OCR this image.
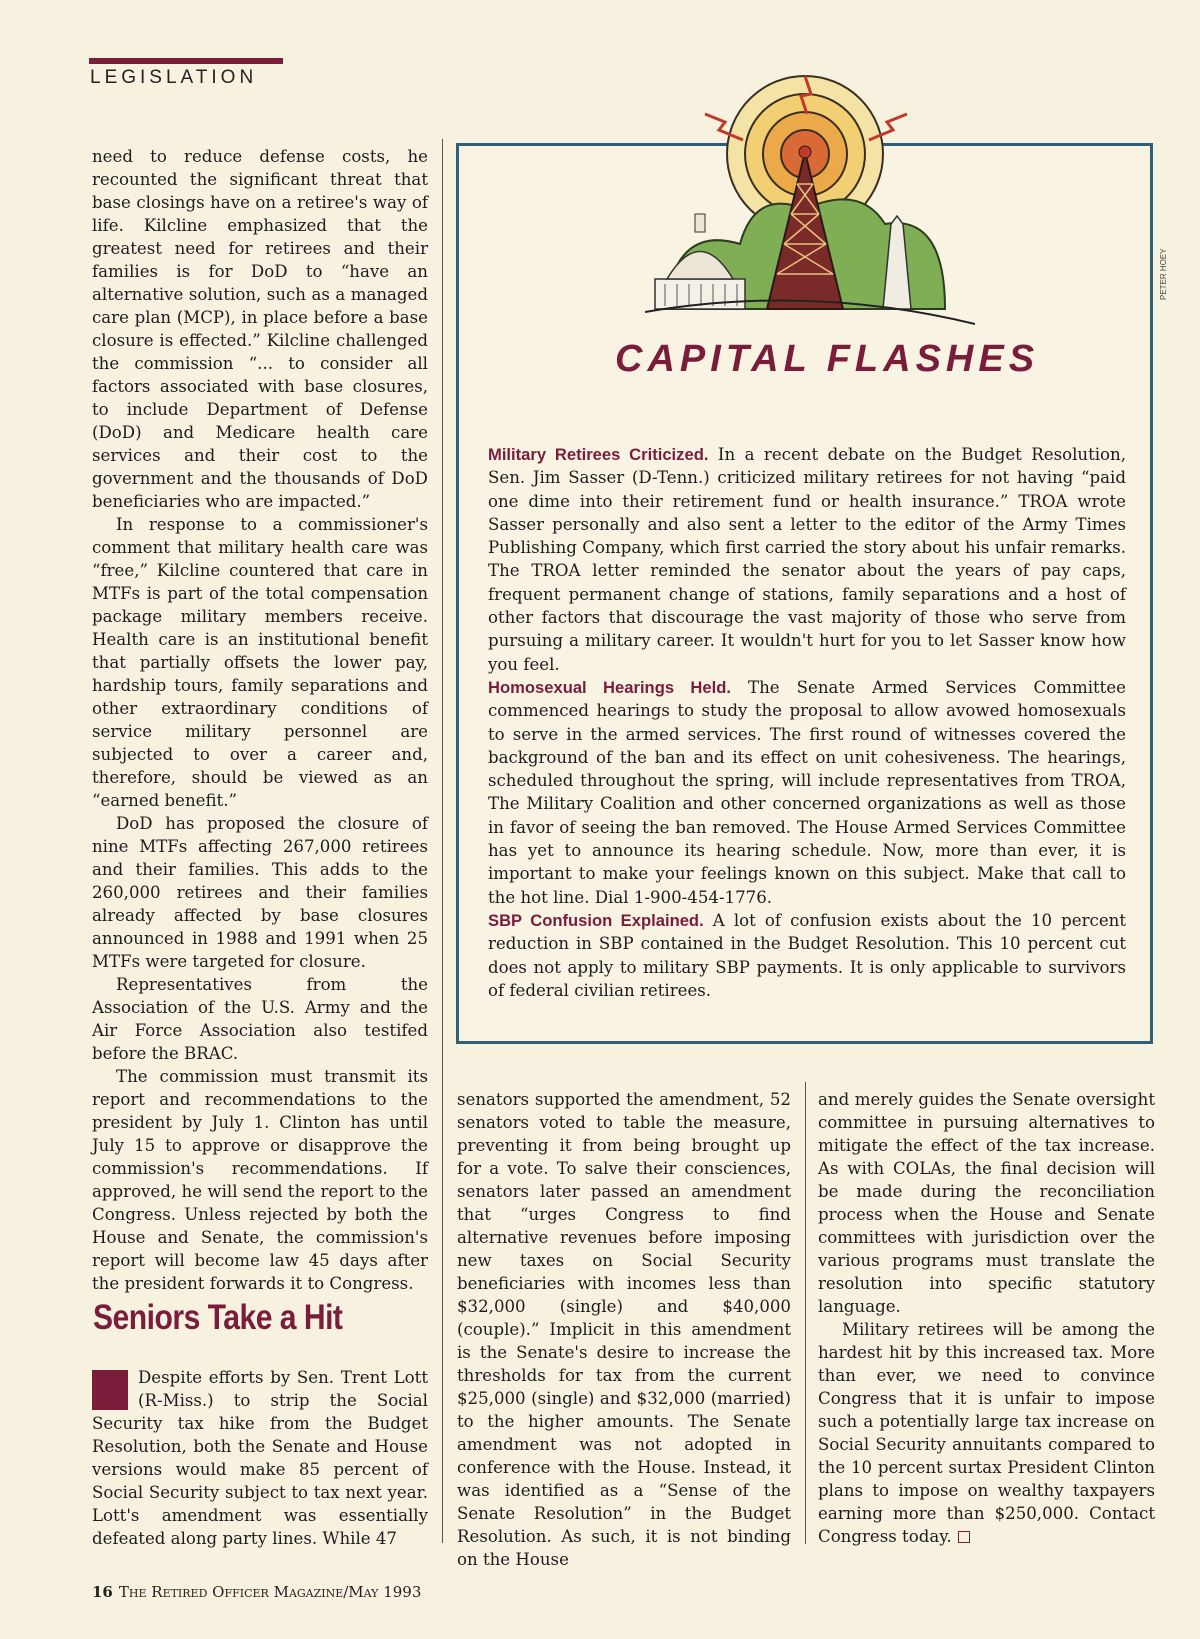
LEGISLATION

need to reduce defense costs, he recounted the significant threat that base closings have on a retiree's way of life. Kilcline emphasized that the greatest need for retirees and their families is for DoD to “have an alternative solution, such as a managed care plan (MCP), in place before a base closure is effected.” Kilcline challenged the commission “... to consider all factors associated with base closures, to include Department of Defense (DoD) and Medicare health care services and their cost to the government and the thousands of DoD beneficiaries who are impacted.”

In response to a commissioner's comment that military health care was “free,” Kilcline countered that care in MTFs is part of the total compensation package military members receive. Health care is an institutional benefit that partially offsets the lower pay, hardship tours, family separations and other extraordinary conditions of service military personnel are subjected to over a career and, therefore, should be viewed as an “earned benefit.”

DoD has proposed the closure of nine MTFs affecting 267,000 retirees and their families. This adds to the 260,000 retirees and their families already affected by base closures announced in 1988 and 1991 when 25 MTFs were targeted for closure.

Representatives from the Association of the U.S. Army and the Air Force Association also testifed before the BRAC.

The commission must transmit its report and recommendations to the president by July 1. Clinton has until July 15 to approve or disapprove the commission's recommendations. If approved, he will send the report to the Congress. Unless rejected by both the House and Senate, the commission's report will become law 45 days after the president forwards it to Congress.

Seniors Take a Hit

Despite efforts by Sen. Trent Lott (R-Miss.) to strip the Social Security tax hike from the Budget Resolution, both the Senate and House versions would make 85 percent of Social Security subject to tax next year. Lott's amendment was essentially defeated along party lines. While 47

CAPITAL FLASHES
PETER HOEY

Military Retirees Criticized. In a recent debate on the Budget Resolution, Sen. Jim Sasser (D-Tenn.) criticized military retirees for not having “paid one dime into their retirement fund or health insurance.” TROA wrote Sasser personally and also sent a letter to the editor of the Army Times Publishing Company, which first carried the story about his unfair remarks. The TROA letter reminded the senator about the years of pay caps, frequent permanent change of stations, family separations and a host of other factors that discourage the vast majority of those who serve from pursuing a military career. It wouldn't hurt for you to let Sasser know how you feel.

Homosexual Hearings Held. The Senate Armed Services Committee commenced hearings to study the proposal to allow avowed homosexuals to serve in the armed services. The first round of witnesses covered the background of the ban and its effect on unit cohesiveness. The hearings, scheduled throughout the spring, will include representatives from TROA, The Military Coalition and other concerned organizations as well as those in favor of seeing the ban removed. The House Armed Services Committee has yet to announce its hearing schedule. Now, more than ever, it is important to make your feelings known on this subject. Make that call to the hot line. Dial 1-900-454-1776.

SBP Confusion Explained. A lot of confusion exists about the 10 percent reduction in SBP contained in the Budget Resolution. This 10 percent cut does not apply to military SBP payments. It is only applicable to survivors of federal civilian retirees.

senators supported the amendment, 52 senators voted to table the measure, preventing it from being brought up for a vote. To salve their consciences, senators later passed an amendment that “urges Congress to find alternative revenues before imposing new taxes on Social Security beneficiaries with incomes less than $32,000 (single) and $40,000 (couple).” Implicit in this amendment is the Senate's desire to increase the thresholds for tax from the current $25,000 (single) and $32,000 (married) to the higher amounts. The Senate amendment was not adopted in conference with the House. Instead, it was identified as a “Sense of the Senate Resolution” in the Budget Resolution. As such, it is not binding on the House

and merely guides the Senate oversight committee in pursuing alternatives to mitigate the effect of the tax increase. As with COLAs, the final decision will be made during the reconciliation process when the House and Senate committees with jurisdiction over the various programs must translate the resolution into specific statutory language.

Military retirees will be among the hardest hit by this increased tax. More than ever, we need to convince Congress that it is unfair to impose such a potentially large tax increase on Social Security annuitants compared to the 10 percent surtax President Clinton plans to impose on wealthy taxpayers earning more than $250,000. Contact Congress today.

16 The Retired Officer Magazine/May 1993
